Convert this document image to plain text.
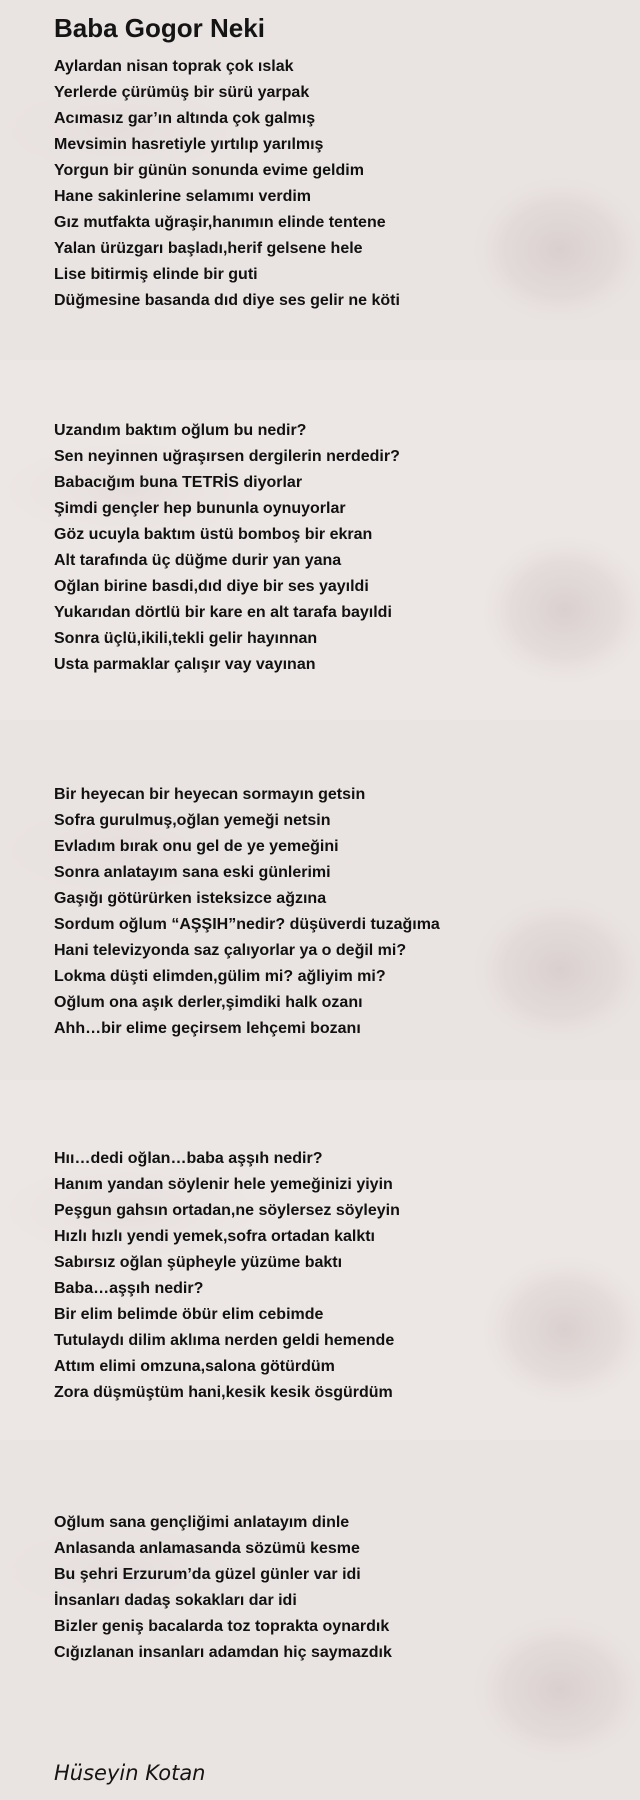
Baba Gogor Neki
Aylardan nisan toprak çok ıslak
Yerlerde çürümüş bir sürü yarpak
Acımasız gar’ın altında çok galmış
Mevsimin hasretiyle yırtılıp yarılmış
Yorgun bir günün sonunda evime geldim
Hane sakinlerine selamımı verdim
Gız mutfakta uğraşir,hanımın elinde tentene
Yalan ürüzgarı başladı,herif gelsene hele
Lise bitirmiş elinde bir guti
Düğmesine basanda dıd diye ses gelir ne köti
Uzandım baktım oğlum bu nedir?
Sen neyinnen uğraşırsen dergilerin nerdedir?
Babacığım buna TETRİS diyorlar
Şimdi gençler hep bununla oynuyorlar
Göz ucuyla baktım üstü bomboş bir ekran
Alt tarafında üç düğme durir yan yana
Oğlan birine basdi,dıd diye bir ses yayıldi
Yukarıdan dörtlü bir kare en alt tarafa bayıldi
Sonra üçlü,ikili,tekli gelir hayınnan
Usta parmaklar çalışır vay vayınan
Bir heyecan bir heyecan sormayın getsin
Sofra gurulmuş,oğlan yemeği netsin
Evladım bırak onu gel de ye yemeğini
Sonra anlatayım sana eski günlerimi
Gaşığı götürürken isteksizce ağzına
Sordum oğlum “AŞŞIH”nedir? düşüverdi tuzağıma
Hani televizyonda saz çalıyorlar ya o değil mi?
Lokma düşti elimden,gülim mi? ağliyim mi?
Oğlum ona aşık derler,şimdiki halk ozanı
Ahh…bir elime geçirsem lehçemi bozanı
Hıı…dedi oğlan…baba aşşıh nedir?
Hanım yandan söylenir hele yemeğinizi yiyin
Peşgun gahsın ortadan,ne söylersez söyleyin
Hızlı hızlı yendi yemek,sofra ortadan kalktı
Sabırsız oğlan şüpheyle yüzüme baktı
Baba…aşşıh nedir?
Bir elim belimde öbür elim cebimde
Tutulaydı dilim aklıma nerden geldi hemende
Attım elimi omzuna,salona götürdüm
Zora düşmüştüm hani,kesik kesik ösgürdüm
Oğlum sana gençliğimi anlatayım dinle
Anlasanda anlamasanda sözümü kesme
Bu şehri Erzurum’da güzel günler var idi
İnsanları dadaş sokakları dar idi
Bizler geniş bacalarda toz toprakta oynardık
Cığızlanan insanları adamdan hiç saymazdık
Hüseyin Kotan
